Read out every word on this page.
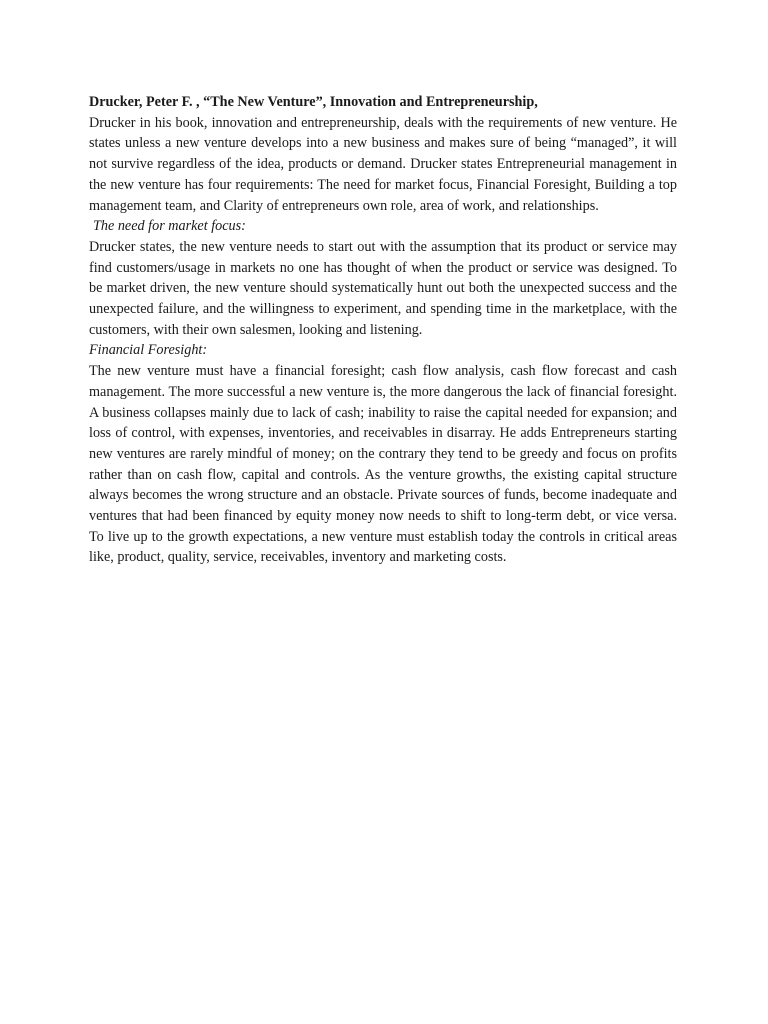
Drucker, Peter F. , “The New Venture”, Innovation and Entrepreneurship,

Drucker in his book, innovation and entrepreneurship, deals with the requirements of new venture. He states unless a new venture develops into a new business and makes sure of being “managed”, it will not survive regardless of the idea, products or demand. Drucker states Entrepreneurial management in the new venture has four requirements: The need for market focus, Financial Foresight, Building a top management team, and Clarity of entrepreneurs own role, area of work, and relationships.

The need for market focus:

Drucker states, the new venture needs to start out with the assumption that its product or service may find customers/usage in markets no one has thought of when the product or service was designed. To be market driven, the new venture should systematically hunt out both the unexpected success and the unexpected failure, and the willingness to experiment, and spending time in the marketplace, with the customers, with their own salesmen, looking and listening.

Financial Foresight:

The new venture must have a financial foresight; cash flow analysis, cash flow forecast and cash management. The more successful a new venture is, the more dangerous the lack of financial foresight. A business collapses mainly due to lack of cash; inability to raise the capital needed for expansion; and loss of control, with expenses, inventories, and receivables in disarray. He adds Entrepreneurs starting new ventures are rarely mindful of money; on the contrary they tend to be greedy and focus on profits rather than on cash flow, capital and controls. As the venture growths, the existing capital structure always becomes the wrong structure and an obstacle. Private sources of funds, become inadequate and ventures that had been financed by equity money now needs to shift to long-term debt, or vice versa. To live up to the growth expectations, a new venture must establish today the controls in critical areas like, product, quality, service, receivables, inventory and marketing costs.
